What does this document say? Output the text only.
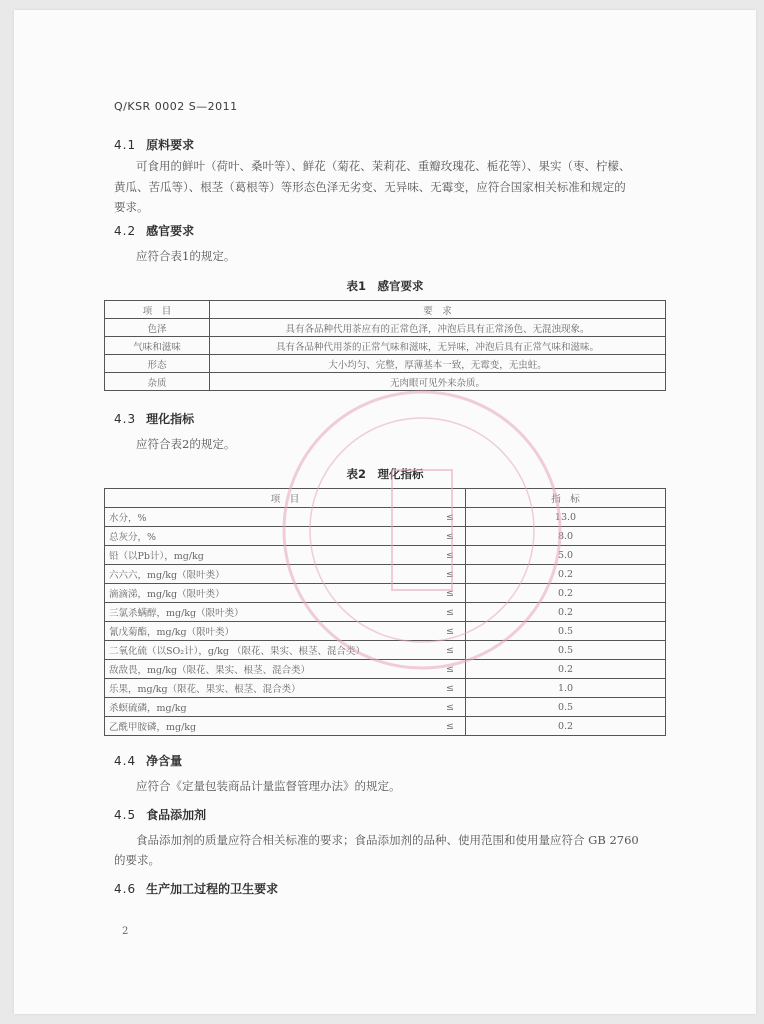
Q/KSR 0002 S—2011
4.1 原料要求
可食用的鲜叶（荷叶、桑叶等）、鲜花（菊花、茉莉花、重瓣玫瑰花、栀花等）、果实（枣、柠檬、
黄瓜、苦瓜等）、根茎（葛根等）等形态色泽无劣变、无异味、无霉变，应符合国家相关标准和规定的
要求。
4.2 感官要求
应符合表1的规定。
表1　感官要求
项　目	要　求
色泽	具有各品种代用茶应有的正常色泽，冲泡后具有正常汤色、无混浊现象。
气味和滋味	具有各品种代用茶的正常气味和滋味，无异味，冲泡后具有正常气味和滋味。
形态	大小均匀、完整，厚薄基本一致，无霉变，无虫蛀。
杂质	无肉眼可见外来杂质。
4.3 理化指标
应符合表2的规定。
表2　理化指标
项　目		指　标
水分，%	≤	13.0
总灰分，%	≤	8.0
铅（以Pb计），mg/kg	≤	5.0
六六六，mg/kg（限叶类）	≤	0.2
滴滴涕，mg/kg（限叶类）	≤	0.2
三氯杀螨醇，mg/kg（限叶类）	≤	0.2
氰戊菊酯，mg/kg（限叶类）	≤	0.5
二氧化硫（以SO₂计），g/kg （限花、果实、根茎、混合类）	≤	0.5
敌敌畏，mg/kg（限花、果实、根茎、混合类）	≤	0.2
乐果，mg/kg（限花、果实、根茎、混合类）	≤	1.0
杀螟硫磷，mg/kg	≤	0.5
乙酰甲胺磷，mg/kg	≤	0.2
4.4 净含量
应符合《定量包装商品计量监督管理办法》的规定。
4.5 食品添加剂
食品添加剂的质量应符合相关标准的要求；食品添加剂的品种、使用范围和使用量应符合 GB 2760
的要求。
4.6 生产加工过程的卫生要求
2
